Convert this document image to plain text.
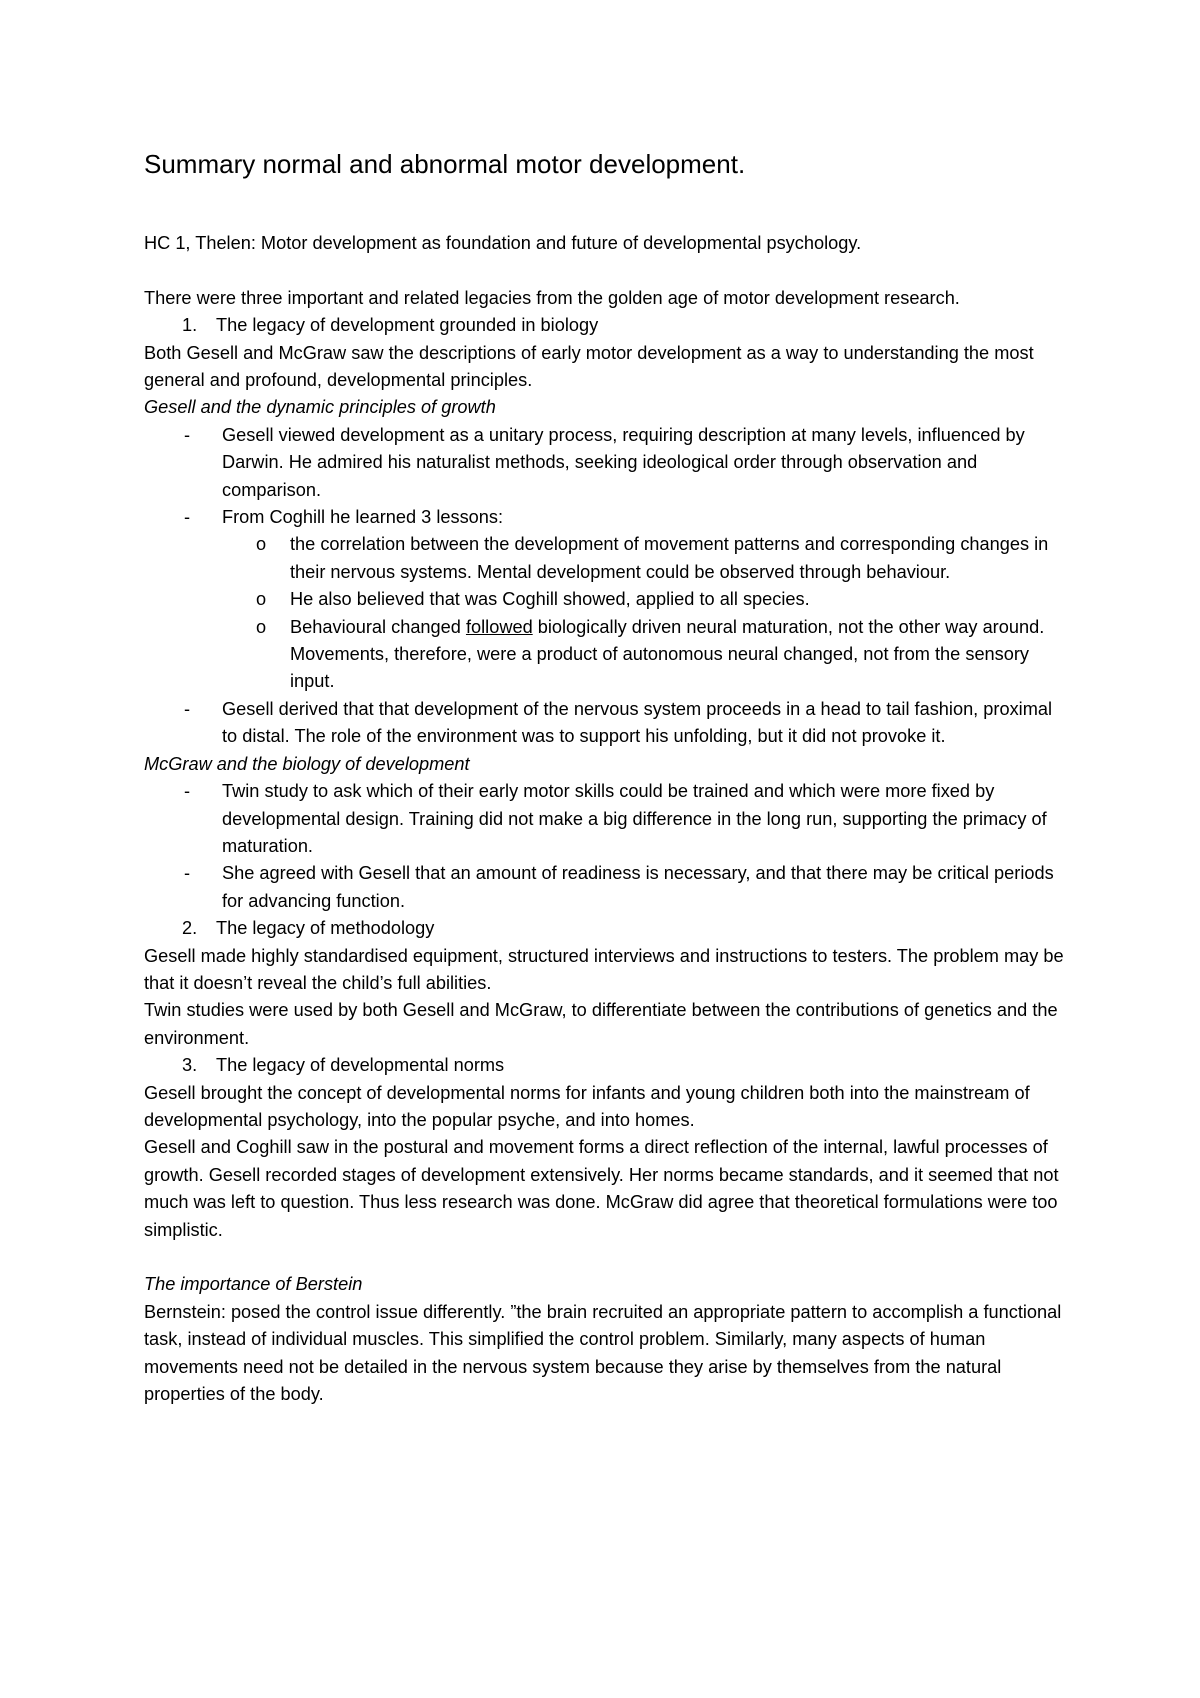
Summary normal and abnormal motor development.

HC 1, Thelen: Motor development as foundation and future of developmental psychology.

There were three important and related legacies from the golden age of motor development research.

1.	The legacy of development grounded in biology

Both Gesell and McGraw saw the descriptions of early motor development as a way to understanding the most general and profound, developmental principles.

Gesell and the dynamic principles of growth

-	Gesell viewed development as a unitary process, requiring description at many levels, influenced by Darwin. He admired his naturalist methods, seeking ideological order through observation and comparison.
-	From Coghill he learned 3 lessons:
o	the correlation between the development of movement patterns and corresponding changes in their nervous systems. Mental development could be observed through behaviour.
o	He also believed that was Coghill showed, applied to all species.
o	Behavioural changed followed biologically driven neural maturation, not the other way around. Movements, therefore, were a product of autonomous neural changed, not from the sensory input.
-	Gesell derived that that development of the nervous system proceeds in a head to tail fashion, proximal to distal. The role of the environment was to support his unfolding, but it did not provoke it.

McGraw and the biology of development

-	Twin study to ask which of their early motor skills could be trained and which were more fixed by developmental design. Training did not make a big difference in the long run, supporting the primacy of maturation.
-	She agreed with Gesell that an amount of readiness is necessary, and that there may be critical periods for advancing function.
2.	The legacy of methodology

Gesell made highly standardised equipment, structured interviews and instructions to testers. The problem may be that it doesn’t reveal the child’s full abilities.

Twin studies were used by both Gesell and McGraw, to differentiate between the contributions of genetics and the environment.

3.	The legacy of developmental norms

Gesell brought the concept of developmental norms for infants and young children both into the mainstream of developmental psychology, into the popular psyche, and into homes.

Gesell and Coghill saw in the postural and movement forms a direct reflection of the internal, lawful processes of growth. Gesell recorded stages of development extensively. Her norms became standards, and it seemed that not much was left to question. Thus less research was done. McGraw did agree that theoretical formulations were too simplistic.

The importance of Berstein

Bernstein: posed the control issue differently. ”the brain recruited an appropriate pattern to accomplish a functional task, instead of individual muscles. This simplified the control problem. Similarly, many aspects of human movements need not be detailed in the nervous system because they arise by themselves from the natural properties of the body.
